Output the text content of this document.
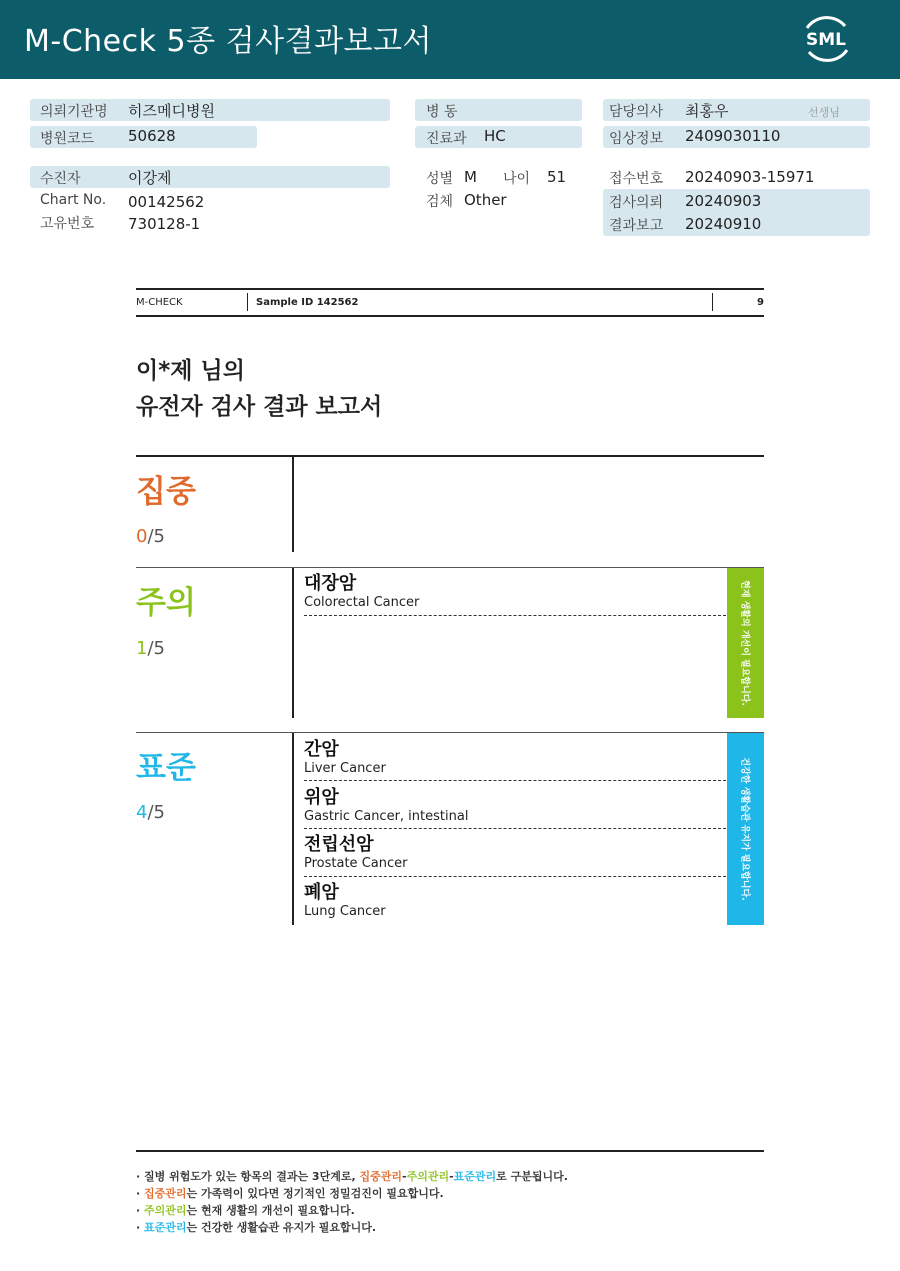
M-Check 5종 검사결과보고서	SML
의뢰기관명 히즈메디병원
병원코드 50628
병 동
진료과 HC
담당의사 최홍우	선생님
임상정보 2409030110
수진자	이강제
Chart No. 00142562
고유번호 730128-1
성별 M 나이 51
검체 Other
접수번호 20240903-15971
검사의뢰 20240903
결과보고 20240910
M-CHECK	Sample ID 142562	9
이*제 님의
유전자 검사 결과 보고서
집중
0/5
주의
1/5
대장암
Colorectal Cancer	현재 생활의 개선이 필요합니다.
표준
4/5
간암
Liver Cancer
위암
Gastric Cancer, intestinal
전립선암
Prostate Cancer
폐암
Lung Cancer
건강한 생활습관 유지가 필요합니다.
· 질병 위험도가 있는 항목의 결과는 3단계로, 집중관리-주의관리-표준관리로 구분됩니다.
· 집중관리는 가족력이 있다면 정기적인 정밀검진이 필요합니다.
· 주의관리는 현재 생활의 개선이 필요합니다.
· 표준관리는 건강한 생활습관 유지가 필요합니다.
